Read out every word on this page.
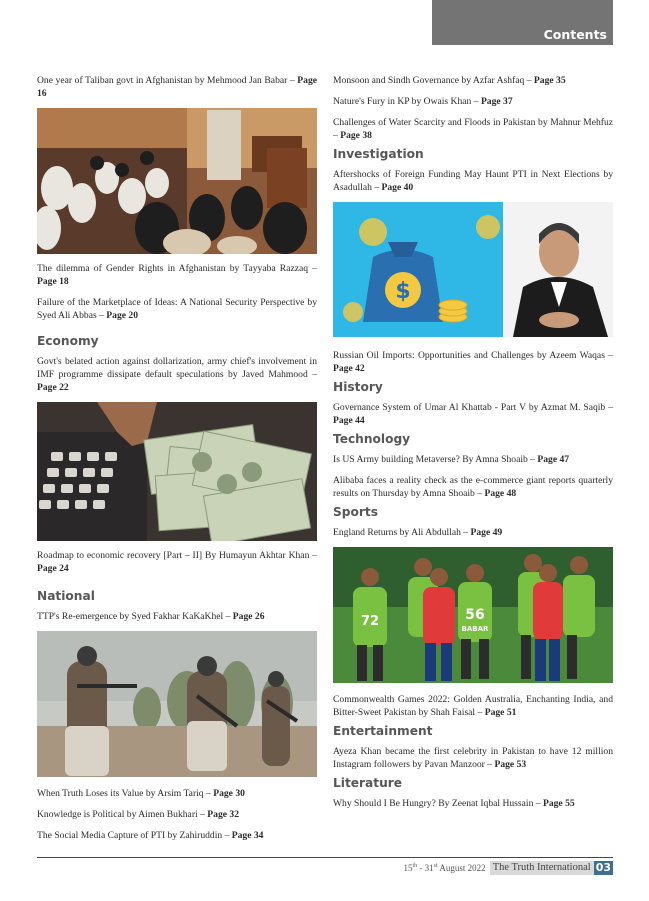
Contents

One year of Taliban govt in Afghanistan by Mehmood Jan Babar – Page 16

The dilemma of Gender Rights in Afghanistan by Tayyaba Razzaq – Page 18

Failure of the Marketplace of Ideas: A National Security Perspective by Syed Ali Abbas – Page 20

Economy

Govt's belated action against dollarization, army chief's involvement in IMF programme dissipate default speculations by Javed Mahmood – Page 22

Roadmap to economic recovery [Part – II] By Humayun Akhtar Khan – Page 24

National

TTP's Re-emergence by Syed Fakhar KaKaKhel – Page 26

When Truth Loses its Value by Arsim Tariq – Page 30

Knowledge is Political by Aimen Bukhari – Page 32

The Social Media Capture of PTI by Zahiruddin – Page 34

Monsoon and Sindh Governance by Azfar Ashfaq – Page 35

Nature's Fury in KP by Owais Khan – Page 37

Challenges of Water Scarcity and Floods in Pakistan by Mahnur Mehfuz – Page 38

Investigation

Aftershocks of Foreign Funding May Haunt PTI in Next Elections by Asadullah – Page 40

$

Russian Oil Imports: Opportunities and Challenges by Azeem Waqas – Page 42

History

Governance System of Umar Al Khattab - Part V by Azmat M. Saqib – Page 44

Technology

Is US Army building Metaverse? By Amna Shoaib – Page 47

Alibaba faces a reality check as the e-commerce giant reports quarterly results on Thursday by Amna Shoaib – Page 48

Sports

England Returns by Ali Abdullah – Page 49

72	56
BABAR

Commonwealth Games 2022: Golden Australia, Enchanting India, and Bitter-Sweet Pakistan by Shah Faisal – Page 51

Entertainment

Ayeza Khan became the first celebrity in Pakistan to have 12 million Instagram followers by Pavan Manzoor – Page 53

Literature

Why Should I Be Hungry? By Zeenat Iqbal Hussain – Page 55

15th - 31st August 2022 The Truth International 03
